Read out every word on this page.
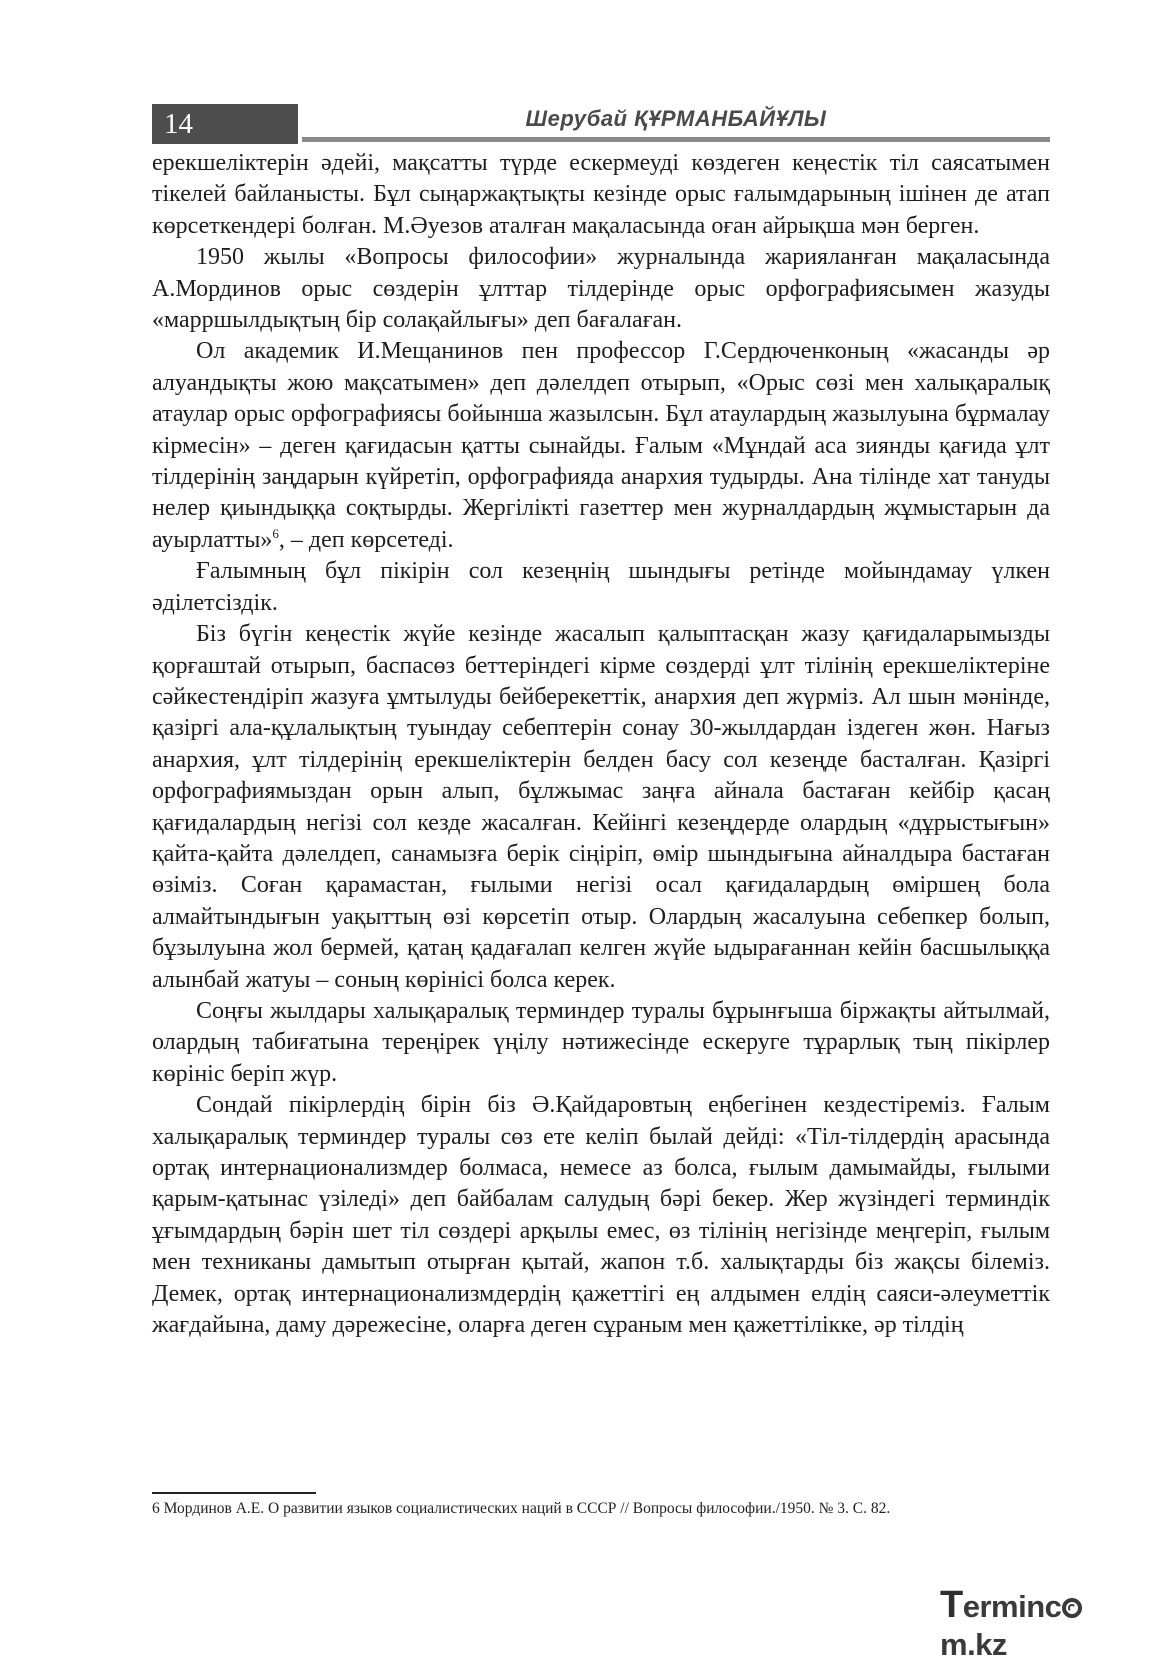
14	Шерубай ҚҰРМАНБАЙҰЛЫ

ерекшеліктерін әдейі, мақсатты түрде ескермеуді көздеген кеңестік тіл саясатымен тікелей байланысты. Бұл сыңаржақтықты кезінде орыс ғалымдарының ішінен де атап көрсеткендері болған. М.Әуезов аталған мақаласында оған айрықша мән берген.

1950 жылы «Вопросы философии» журналында жарияланған мақаласында А.Мординов орыс сөздерін ұлттар тілдерінде орыс орфографиясымен жазуды «марршылдықтың бір солақайлығы» деп бағалаған.

Ол академик И.Мещанинов пен профессор Г.Сердюченконың «жасанды әр алуандықты жою мақсатымен» деп дәлелдеп отырып, «Орыс сөзі мен халықаралық атаулар орыс орфографиясы бойынша жазылсын. Бұл атаулардың жазылуына бұрмалау кірмесін» – деген қағидасын қатты сынайды. Ғалым «Мұндай аса зиянды қағида ұлт тілдерінің заңдарын күйретіп, орфографияда анархия тудырды. Ана тілінде хат тануды нелер қиындыққа соқтырды. Жергілікті газеттер мен журналдардың жұмыстарын да ауырлатты»$^6$, – деп көрсетеді.

Ғалымның бұл пікірін сол кезеңнің шындығы ретінде мойындамау үлкен әділетсіздік.

Біз бүгін кеңестік жүйе кезінде жасалып қалыптасқан жазу қағидаларымызды қорғаштай отырып, баспасөз беттеріндегі кірме сөздерді ұлт тілінің ерекшеліктеріне сәйкестендіріп жазуға ұмтылуды бейберекеттік, анархия деп жүрміз. Ал шын мәнінде, қазіргі ала-құлалықтың туындау себептерін сонау 30-жылдардан іздеген жөн. Нағыз анархия, ұлт тілдерінің ерекшеліктерін белден басу сол кезеңде басталған. Қазіргі орфографиямыздан орын алып, бұлжымас заңға айнала бастаған кейбір қасаң қағидалардың негізі сол кезде жасалған. Кейінгі кезеңдерде олардың «дұрыстығын» қайта-қайта дәлелдеп, санамызға берік сіңіріп, өмір шындығына айналдыра бастаған өзіміз. Соған қарамастан, ғылыми негізі осал қағидалардың өміршең бола алмайтындығын уақыттың өзі көрсетіп отыр. Олардың жасалуына себепкер болып, бұзылуына жол бермей, қатаң қадағалап келген жүйе ыдырағаннан кейін басшылыққа алынбай жатуы – соның көрінісі болса керек.

Соңғы жылдары халықаралық терминдер туралы бұрынғыша біржақты айтылмай, олардың табиғатына тереңірек үңілу нәтижесінде ескеруге тұрарлық тың пікірлер көрініс беріп жүр.

Сондай пікірлердің бірін біз Ә.Қайдаровтың еңбегінен кездестіреміз. Ғалым халықаралық терминдер туралы сөз ете келіп былай дейді: «Тіл-тілдердің арасында ортақ интернационализмдер болмаса, немесе аз болса, ғылым дамымайды, ғылыми қарым-қатынас үзіледі» деп байбалам салудың бәрі бекер. Жер жүзіндегі терминдік ұғымдардың бәрін шет тіл сөздері арқылы емес, өз тілінің негізінде меңгеріп, ғылым мен техниканы дамытып отырған қытай, жапон т.б. халықтарды біз жақсы білеміз. Демек, ортақ интернационализмдердің қажеттігі ең алдымен елдің саяси-әлеуметтік жағдайына, даму дәрежесіне, оларға деген сұраным мен қажеттілікке, әр тілдің

6 Мординов А.Е. О развитии языков социалистических наций в СССР // Вопросы философии./1950. № 3. С. 82.
Termincm.kz
